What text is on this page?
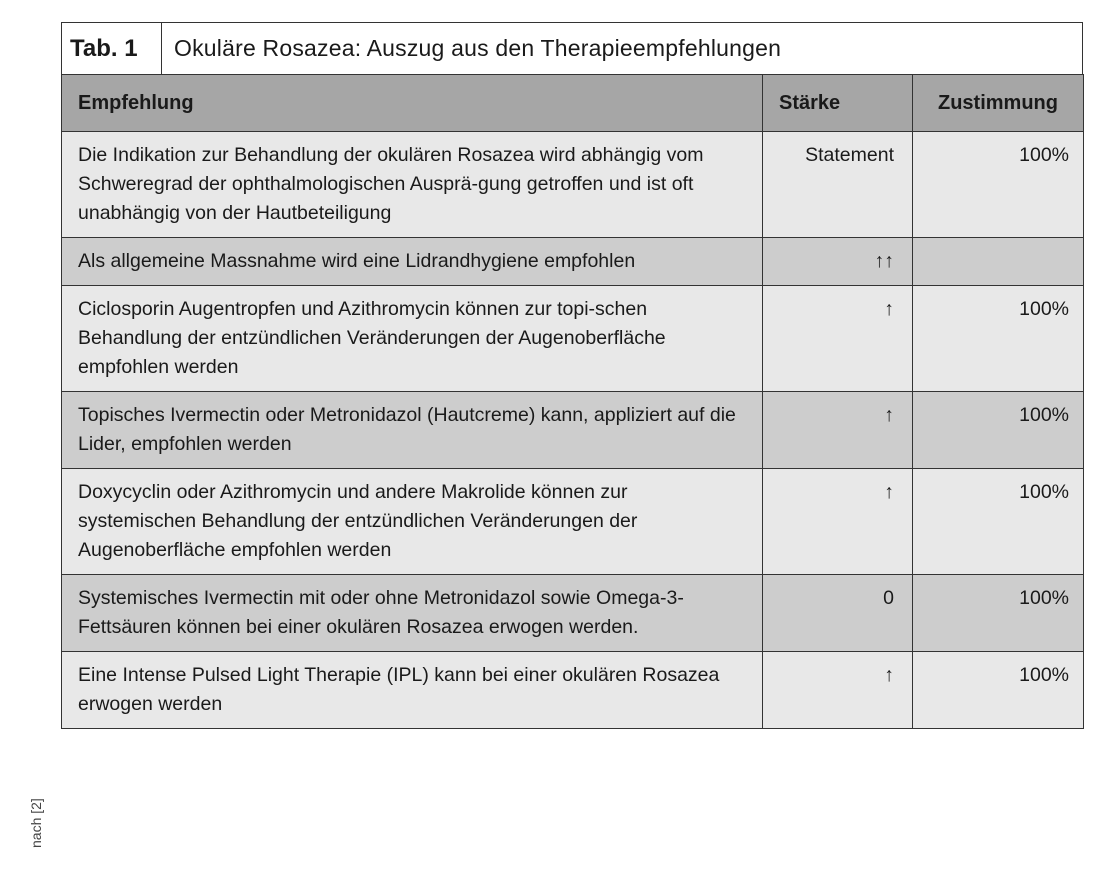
Tab. 1	Okuläre Rosazea: Auszug aus den Therapieempfehlungen
Empfehlung	Stärke	Zustimmung
Die Indikation zur Behandlung der okulären Rosazea wird abhängig vom Schweregrad der ophthalmologischen Ausprä-gung getroffen und ist oft unabhängig von der Hautbeteiligung	Statement	100%
Als allgemeine Massnahme wird eine Lidrandhygiene empfohlen	↑↑	
Ciclosporin Augentropfen und Azithromycin können zur topi-schen Behandlung der entzündlichen Veränderungen der Augenoberfläche empfohlen werden	↑	100%
Topisches Ivermectin oder Metronidazol (Hautcreme) kann, appliziert auf die Lider, empfohlen werden	↑	100%
Doxycyclin oder Azithromycin und andere Makrolide können zur systemischen Behandlung der entzündlichen Veränderungen der Augenoberfläche empfohlen werden	↑	100%
Systemisches Ivermectin mit oder ohne Metronidazol sowie Omega-3-Fettsäuren können bei einer okulären Rosazea erwogen werden.	0	100%
Eine Intense Pulsed Light Therapie (IPL) kann bei einer okulären Rosazea erwogen werden	↑	100%
nach [2]
